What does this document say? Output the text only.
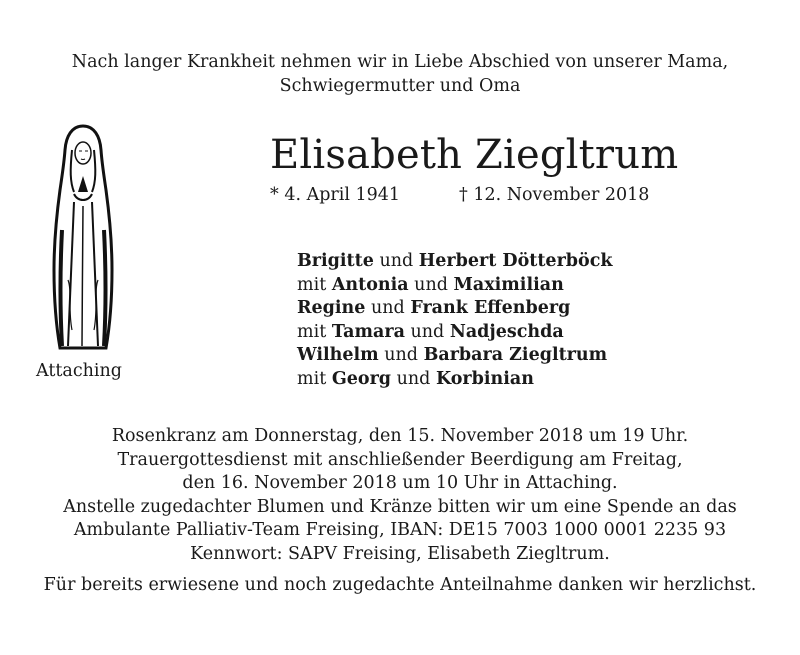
Nach langer Krankheit nehmen wir in Liebe Abschied von unserer Mama,
Schwiegermutter und Oma
Attaching
Elisabeth Ziegltrum
* 4. April 1941	† 12. November 2018
Brigitte und Herbert Dötterböck
mit Antonia und Maximilian
Regine und Frank Effenberg
mit Tamara und Nadjeschda
Wilhelm und Barbara Ziegltrum
mit Georg und Korbinian
Rosenkranz am Donnerstag, den 15. November 2018 um 19 Uhr.
Trauergottesdienst mit anschließender Beerdigung am Freitag,
den 16. November 2018 um 10 Uhr in Attaching.
Anstelle zugedachter Blumen und Kränze bitten wir um eine Spende an das
Ambulante Palliativ-Team Freising, IBAN: DE15 7003 1000 0001 2235 93
Kennwort: SAPV Freising, Elisabeth Ziegltrum.
Für bereits erwiesene und noch zugedachte Anteilnahme danken wir herzlichst.
